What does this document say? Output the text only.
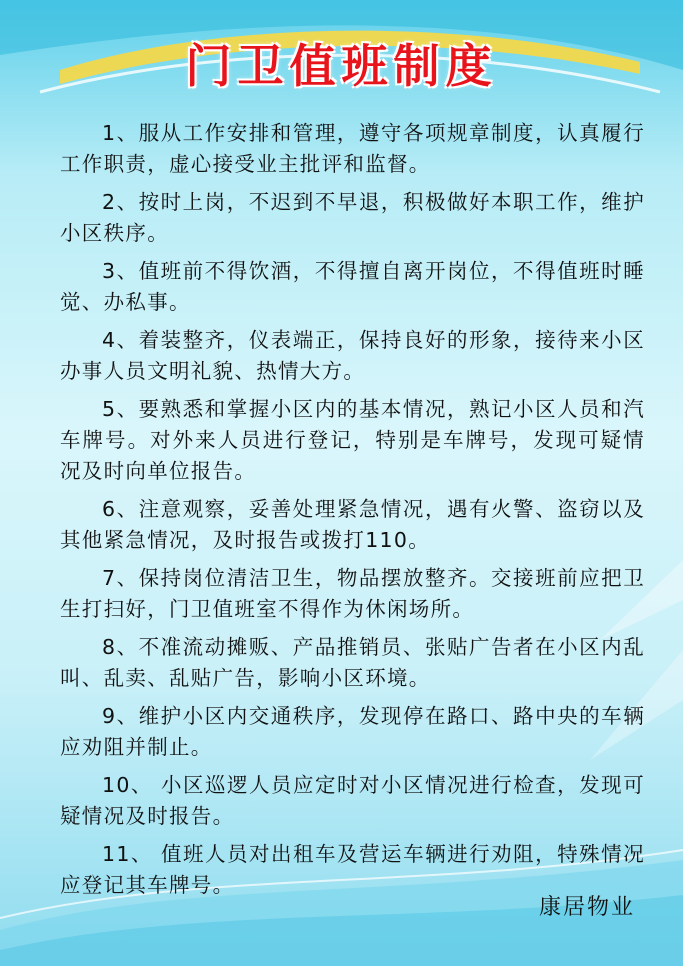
门卫值班制度

1、服从工作安排和管理，遵守各项规章制度，认真履行工作职责，虚心接受业主批评和监督。

2、按时上岗，不迟到不早退，积极做好本职工作，维护小区秩序。

3、值班前不得饮酒，不得擅自离开岗位，不得值班时睡觉、办私事。

4、着装整齐，仪表端正，保持良好的形象，接待来小区办事人员文明礼貌、热情大方。

5、要熟悉和掌握小区内的基本情况，熟记小区人员和汽车牌号。对外来人员进行登记，特别是车牌号，发现可疑情况及时向单位报告。

6、注意观察，妥善处理紧急情况，遇有火警、盗窃以及其他紧急情况，及时报告或拨打110。

7、保持岗位清洁卫生，物品摆放整齐。交接班前应把卫生打扫好，门卫值班室不得作为休闲场所。

8、不准流动摊贩、产品推销员、张贴广告者在小区内乱叫、乱卖、乱贴广告，影响小区环境。

9、维护小区内交通秩序，发现停在路口、路中央的车辆应劝阻并制止。

10、 小区巡逻人员应定时对小区情况进行检查，发现可疑情况及时报告。

11、 值班人员对出租车及营运车辆进行劝阻，特殊情况应登记其车牌号。

康居物业
